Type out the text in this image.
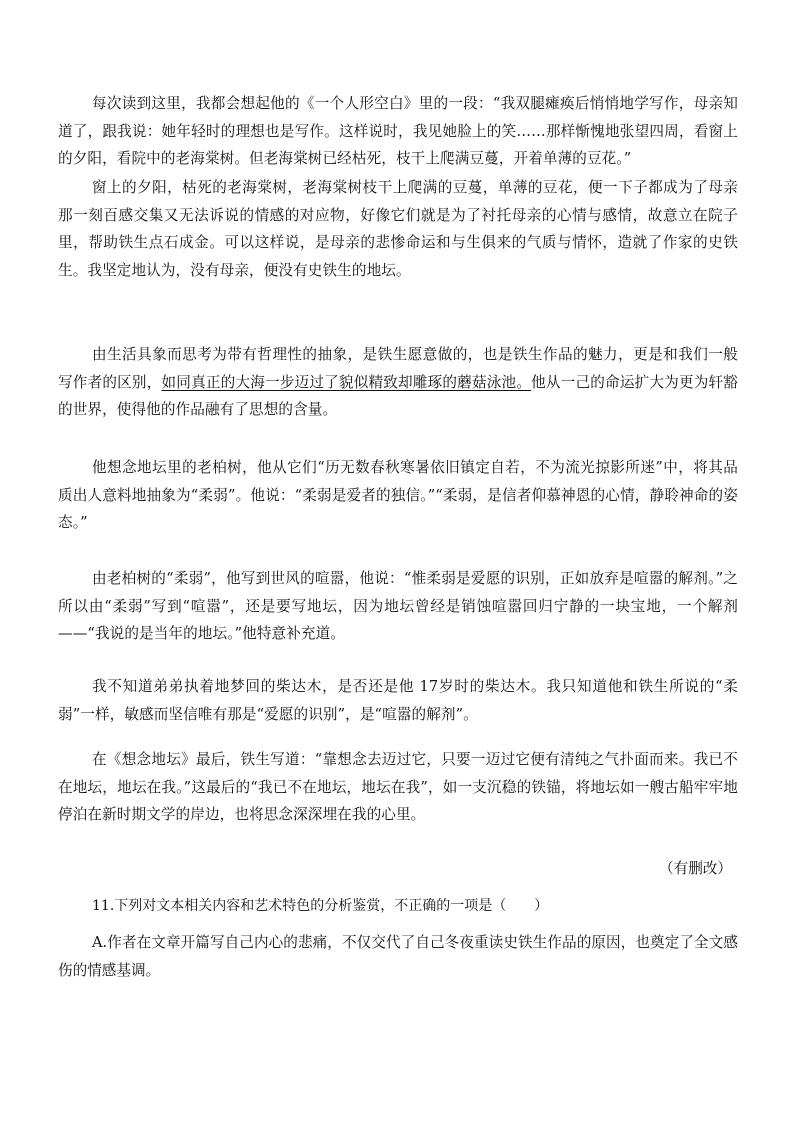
每次读到这里，我都会想起他的《一个人形空白》里的一段：“我双腿瘫痪后悄悄地学写作，母亲知道了，跟我说：她年轻时的理想也是写作。这样说时，我见她脸上的笑……那样惭愧地张望四周，看窗上的夕阳，看院中的老海棠树。但老海棠树已经枯死，枝干上爬满豆蔓，开着单薄的豆花。”

窗上的夕阳，枯死的老海棠树，老海棠树枝干上爬满的豆蔓，单薄的豆花，便一下子都成为了母亲那一刻百感交集又无法诉说的情感的对应物，好像它们就是为了衬托母亲的心情与感情，故意立在院子里，帮助铁生点石成金。可以这样说，是母亲的悲惨命运和与生俱来的气质与情怀，造就了作家的史铁生。我坚定地认为，没有母亲，便没有史铁生的地坛。

由生活具象而思考为带有哲理性的抽象，是铁生愿意做的，也是铁生作品的魅力，更是和我们一般写作者的区别，如同真正的大海一步迈过了貌似精致却雕琢的蘑菇泳池。他从一己的命运扩大为更为轩豁的世界，使得他的作品融有了思想的含量。

他想念地坛里的老柏树，他从它们“历无数春秋寒暑依旧镇定自若，不为流光掠影所迷”中，将其品质出人意料地抽象为“柔弱”。他说：“柔弱是爱者的独信。”“柔弱，是信者仰慕神恩的心情，静聆神命的姿态。”

由老柏树的“柔弱”，他写到世风的喧嚣，他说：“惟柔弱是爱愿的识别，正如放弃是喧嚣的解剂。”之所以由“柔弱”写到“喧嚣”，还是要写地坛，因为地坛曾经是销蚀喧嚣回归宁静的一块宝地，一个解剂——“我说的是当年的地坛。”他特意补充道。

我不知道弟弟执着地梦回的柴达木，是否还是他 17岁时的柴达木。我只知道他和铁生所说的“柔弱”一样，敏感而坚信唯有那是“爱愿的识别”，是“喧嚣的解剂”。

在《想念地坛》最后，铁生写道：“靠想念去迈过它，只要一迈过它便有清纯之气扑面而来。我已不在地坛，地坛在我。”这最后的“我已不在地坛，地坛在我”，如一支沉稳的铁锚，将地坛如一艘古船牢牢地停泊在新时期文学的岸边，也将思念深深埋在我的心里。

（有删改）

11.下列对文本相关内容和艺术特色的分析鉴赏，不正确的一项是（　　）

A.作者在文章开篇写自己内心的悲痛，不仅交代了自己冬夜重读史铁生作品的原因，也奠定了全文感伤的情感基调。
